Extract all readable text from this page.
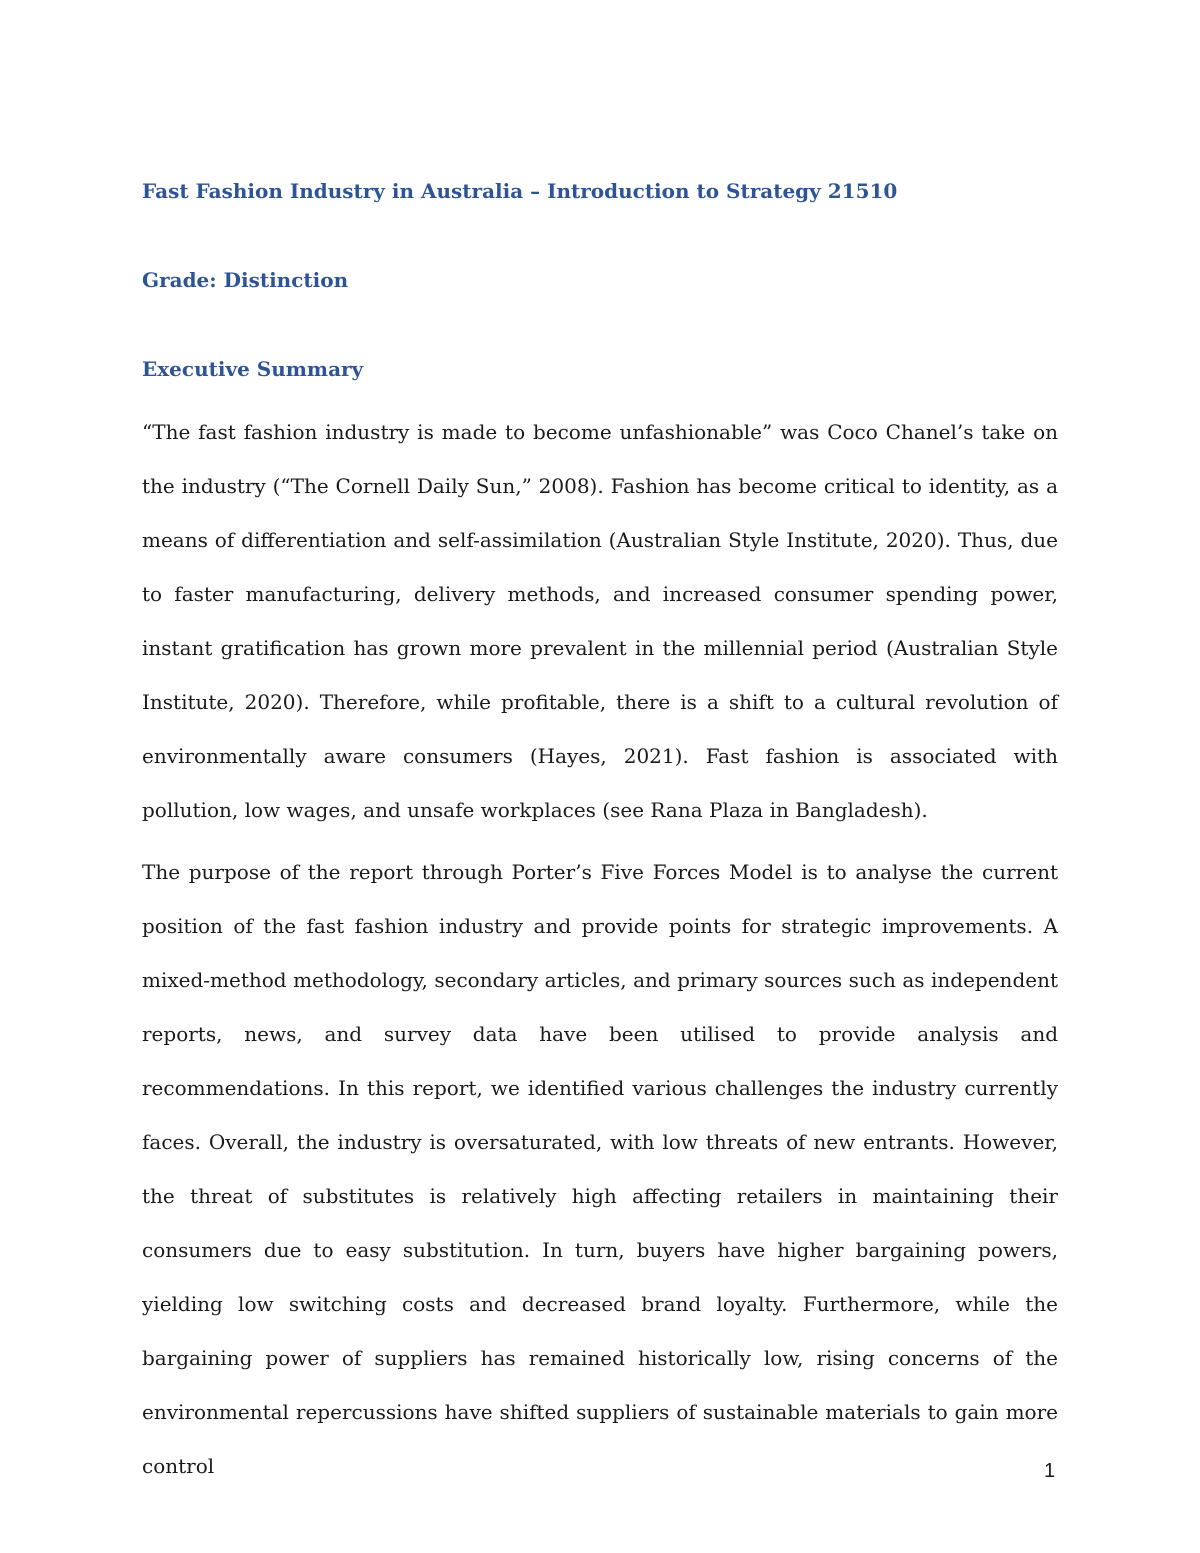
Fast Fashion Industry in Australia – Introduction to Strategy 21510
Grade: Distinction
Executive Summary

“The fast fashion industry is made to become unfashionable” was Coco Chanel’s take on the industry (“The Cornell Daily Sun,” 2008). Fashion has become critical to identity, as a means of differentiation and self-assimilation (Australian Style Institute, 2020). Thus, due to faster manufacturing, delivery methods, and increased consumer spending power, instant gratification has grown more prevalent in the millennial period (Australian Style Institute, 2020). Therefore, while profitable, there is a shift to a cultural revolution of environmentally aware consumers (Hayes, 2021). Fast fashion is associated with pollution, low wages, and unsafe workplaces (see Rana Plaza in Bangladesh).

The purpose of the report through Porter’s Five Forces Model is to analyse the current position of the fast fashion industry and provide points for strategic improvements. A mixed-method methodology, secondary articles, and primary sources such as independent reports, news, and survey data have been utilised to provide analysis and recommendations. In this report, we identified various challenges the industry currently faces. Overall, the industry is oversaturated, with low threats of new entrants. However, the threat of substitutes is relatively high affecting retailers in maintaining their consumers due to easy substitution. In turn, buyers have higher bargaining powers, yielding low switching costs and decreased brand loyalty. Furthermore, while the bargaining power of suppliers has remained historically low, rising concerns of the environmental repercussions have shifted suppliers of sustainable materials to gain more control	1
